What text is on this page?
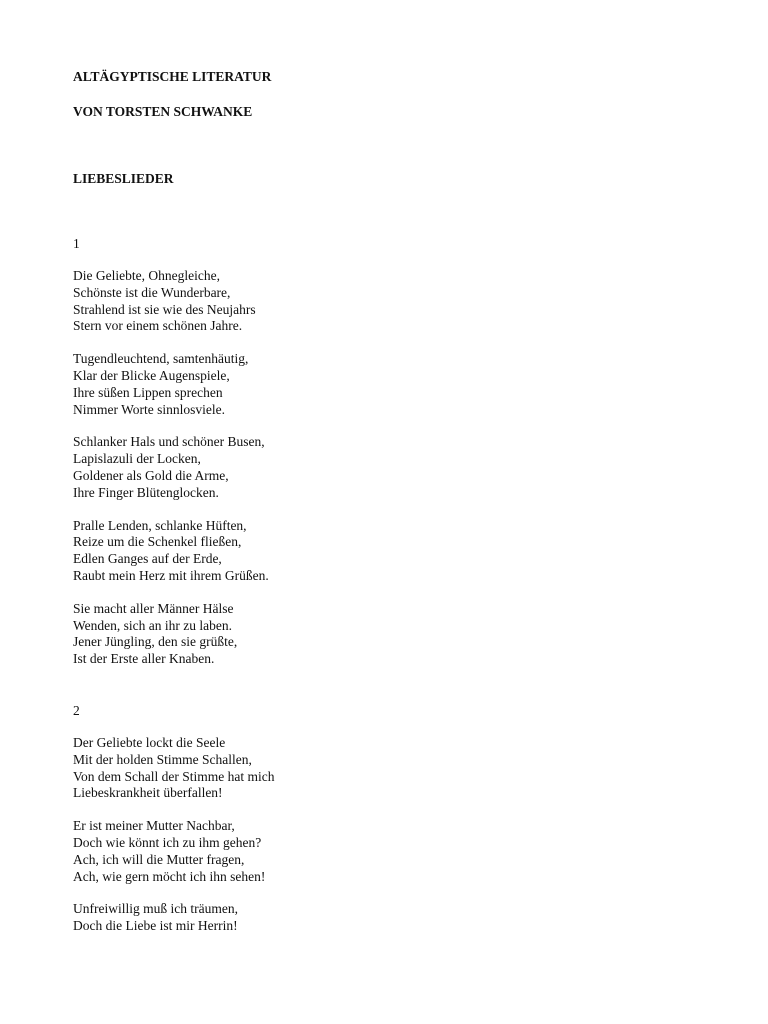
ALTÄGYPTISCHE LITERATUR
VON TORSTEN SCHWANKE
LIEBESLIEDER
1
Die Geliebte, Ohnegleiche,
Schönste ist die Wunderbare,
Strahlend ist sie wie des Neujahrs
Stern vor einem schönen Jahre.
Tugendleuchtend, samtenhäutig,
Klar der Blicke Augenspiele,
Ihre süßen Lippen sprechen
Nimmer Worte sinnlosviele.
Schlanker Hals und schöner Busen,
Lapislazuli der Locken,
Goldener als Gold die Arme,
Ihre Finger Blütenglocken.
Pralle Lenden, schlanke Hüften,
Reize um die Schenkel fließen,
Edlen Ganges auf der Erde,
Raubt mein Herz mit ihrem Grüßen.
Sie macht aller Männer Hälse
Wenden, sich an ihr zu laben.
Jener Jüngling, den sie grüßte,
Ist der Erste aller Knaben.
2
Der Geliebte lockt die Seele
Mit der holden Stimme Schallen,
Von dem Schall der Stimme hat mich
Liebeskrankheit überfallen!
Er ist meiner Mutter Nachbar,
Doch wie könnt ich zu ihm gehen?
Ach, ich will die Mutter fragen,
Ach, wie gern möcht ich ihn sehen!
Unfreiwillig muß ich träumen,
Doch die Liebe ist mir Herrin!
